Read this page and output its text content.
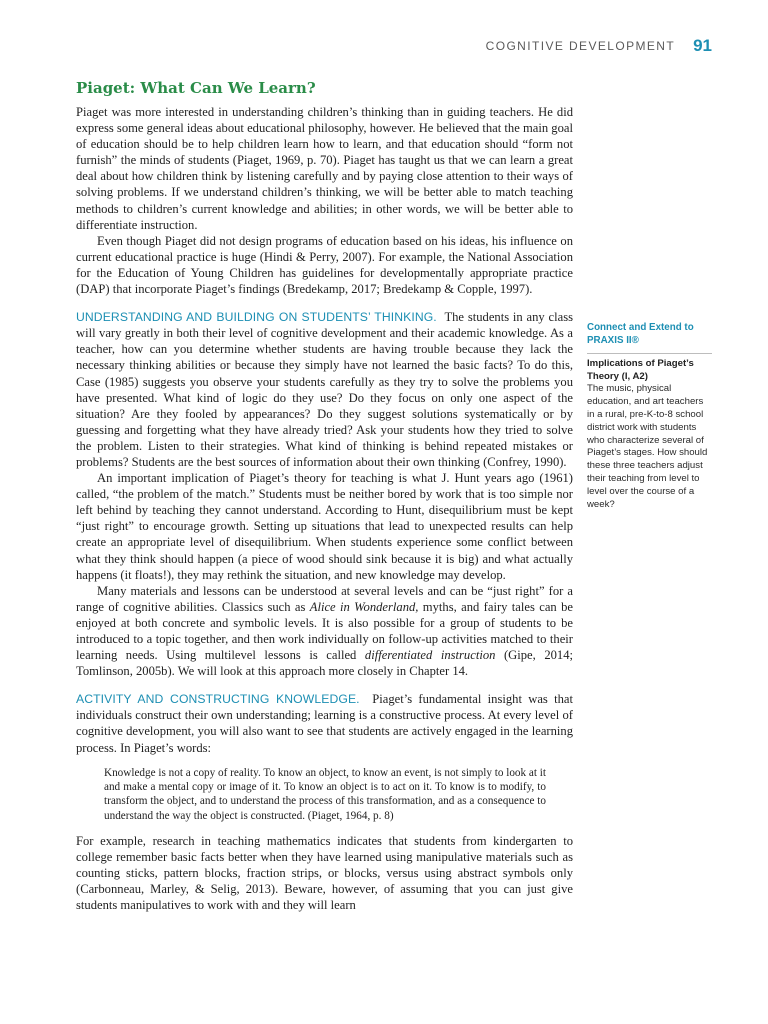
COGNITIVE DEVELOPMENT 91
Piaget: What Can We Learn?

Piaget was more interested in understanding children’s thinking than in guiding teachers. He did express some general ideas about educational philosophy, however. He believed that the main goal of education should be to help children learn how to learn, and that education should “form not furnish” the minds of students (Piaget, 1969, p. 70). Piaget has taught us that we can learn a great deal about how children think by listening carefully and by paying close attention to their ways of solving problems. If we understand children’s thinking, we will be better able to match teaching methods to children’s current knowledge and abilities; in other words, we will be better able to differentiate instruction.

Even though Piaget did not design programs of education based on his ideas, his influence on current educational practice is huge (Hindi & Perry, 2007). For example, the National Association for the Education of Young Children has guidelines for developmentally appropriate practice (DAP) that incorporate Piaget’s findings (Bredekamp, 2017; Bredekamp & Copple, 1997).

UNDERSTANDING AND BUILDING ON STUDENTS’ THINKING. The students in any class will vary greatly in both their level of cognitive development and their academic knowledge. As a teacher, how can you determine whether students are having trouble because they lack the necessary thinking abilities or because they simply have not learned the basic facts? To do this, Case (1985) suggests you observe your students carefully as they try to solve the problems you have presented. What kind of logic do they use? Do they focus on only one aspect of the situation? Are they fooled by appearances? Do they suggest solutions systematically or by guessing and forgetting what they have already tried? Ask your students how they tried to solve the problem. Listen to their strategies. What kind of thinking is behind repeated mistakes or problems? Students are the best sources of information about their own thinking (Confrey, 1990).

An important implication of Piaget’s theory for teaching is what J. Hunt years ago (1961) called, “the problem of the match.” Students must be neither bored by work that is too simple nor left behind by teaching they cannot understand. According to Hunt, disequilibrium must be kept “just right” to encourage growth. Setting up situations that lead to unexpected results can help create an appropriate level of disequilibrium. When students experience some conflict between what they think should happen (a piece of wood should sink because it is big) and what actually happens (it floats!), they may rethink the situation, and new knowledge may develop.

Many materials and lessons can be understood at several levels and can be “just right” for a range of cognitive abilities. Classics such as Alice in Wonderland, myths, and fairy tales can be enjoyed at both concrete and symbolic levels. It is also possible for a group of students to be introduced to a topic together, and then work individually on follow-up activities matched to their learning needs. Using multilevel lessons is called differentiated instruction (Gipe, 2014; Tomlinson, 2005b). We will look at this approach more closely in Chapter 14.

ACTIVITY AND CONSTRUCTING KNOWLEDGE. Piaget’s fundamental insight was that individuals construct their own understanding; learning is a constructive process. At every level of cognitive development, you will also want to see that students are actively engaged in the learning process. In Piaget’s words:

Knowledge is not a copy of reality. To know an object, to know an event, is not simply to look at it and make a mental copy or image of it. To know an object is to act on it. To know is to modify, to transform the object, and to understand the process of this transformation, and as a consequence to understand the way the object is constructed. (Piaget, 1964, p. 8)

For example, research in teaching mathematics indicates that students from kindergarten to college remember basic facts better when they have learned using manipulative materials such as counting sticks, pattern blocks, fraction strips, or blocks, versus using abstract symbols only (Carbonneau, Marley, & Selig, 2013). Beware, however, of assuming that you can just give students manipulatives to work with and they will learn

Connect and Extend to PRAXIS II®
Implications of Piaget’s Theory (I, A2)
The music, physical education, and art teachers in a rural, pre-K-to-8 school district work with students who characterize several of Piaget’s stages. How should these three teachers adjust their teaching from level to level over the course of a week?
